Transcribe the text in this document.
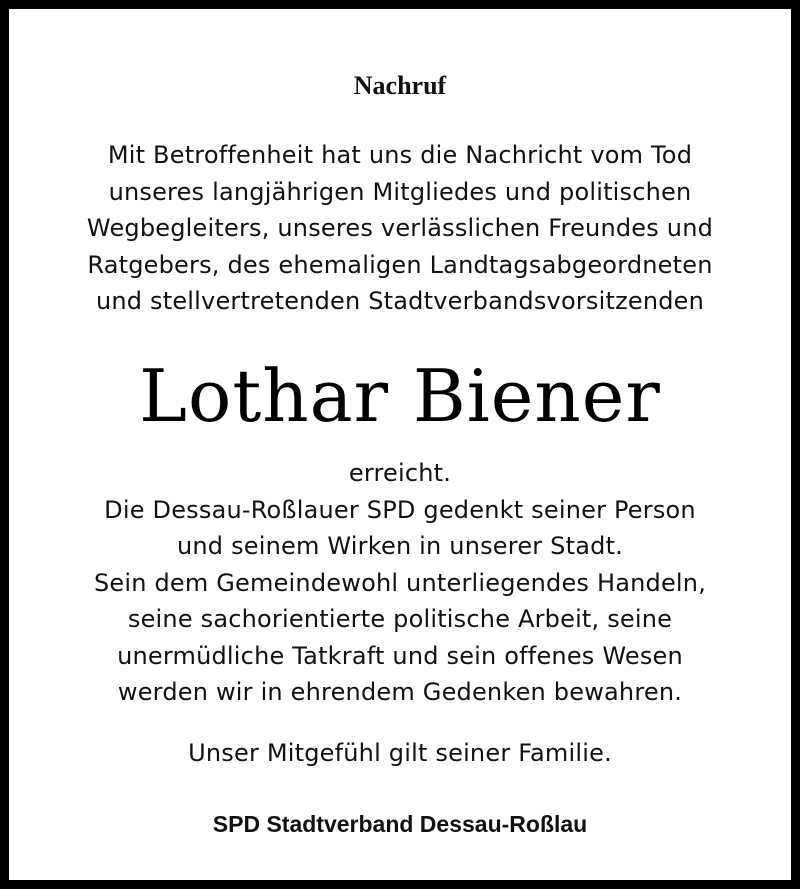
Nachruf

Mit Betroffenheit hat uns die Nachricht vom Tod
unseres langjährigen Mitgliedes und politischen
Wegbegleiters, unseres verlässlichen Freundes und
Ratgebers, des ehemaligen Landtagsabgeordneten
und stellvertretenden Stadtverbandsvorsitzenden

Lothar Biener

erreicht.
Die Dessau-Roßlauer SPD gedenkt seiner Person
und seinem Wirken in unserer Stadt.
Sein dem Gemeindewohl unterliegendes Handeln,
seine sachorientierte politische Arbeit, seine
unermüdliche Tatkraft und sein offenes Wesen
werden wir in ehrendem Gedenken bewahren.

Unser Mitgefühl gilt seiner Familie.

SPD Stadtverband Dessau-Roßlau
